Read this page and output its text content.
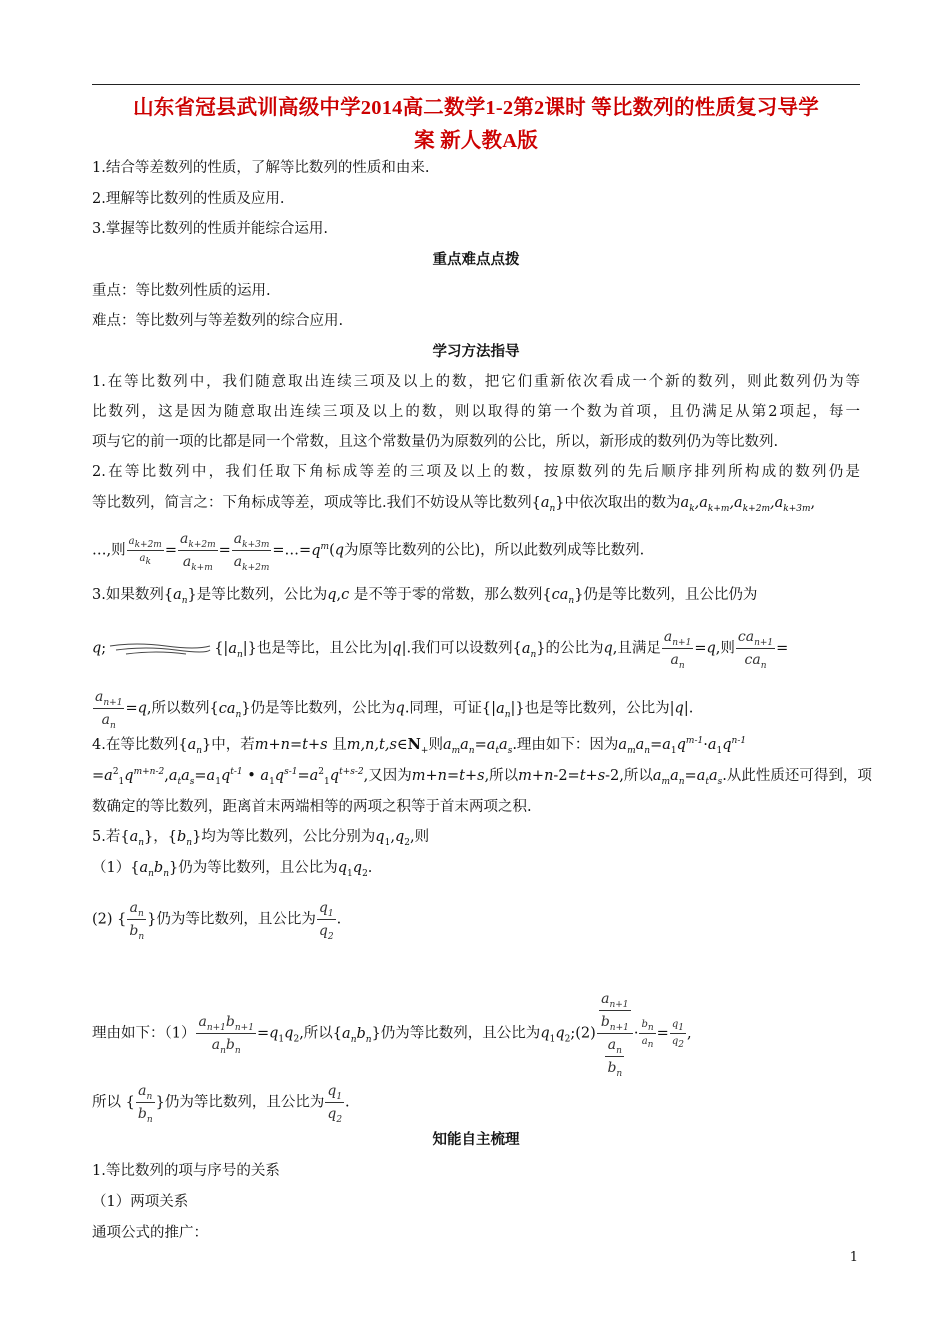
山东省冠县武训高级中学2014高二数学1-2第2课时 等比数列的性质复习导学
案 新人教A版
1.结合等差数列的性质，了解等比数列的性质和由来.
2.理解等比数列的性质及应用.
3.掌握等比数列的性质并能综合运用.
重点难点点拨
重点：等比数列性质的运用.
难点：等比数列与等差数列的综合应用.
学习方法指导
1.在等比数列中，我们随意取出连续三项及以上的数，把它们重新依次看成一个新的数列，则此数列仍为等
比数列，这是因为随意取出连续三项及以上的数，则以取得的第一个数为首项，且仍满足从第2项起，每一
项与它的前一项的比都是同一个常数，且这个常数量仍为原数列的公比，所以，新形成的数列仍为等比数列.
2.在等比数列中，我们任取下角标成等差的三项及以上的数，按原数列的先后顺序排列所构成的数列仍是
等比数列，简言之：下角标成等差，项成等比.我们不妨设从等比数列$\{a_n\}$中依次取出的数为$a_k,a_{k+m},a_{k+2m},a_{k+3m}$,
…,则 $\frac{a_{k+2m}}{a_k} = \frac{a_{k+2m}}{a_{k+m}} = \frac{a_{k+3m}}{a_{k+2m}}$ $=\dots=q^m(q$为原等比数列的公比)，所以此数列成等比数列.
3.如果数列$\{a_n\}$是等比数列，公比为q,c 是不等于零的常数，那么数列$\{ca_n\}$仍是等比数列，且公比仍为
q;	$\{|a_n|\}$也是等比，且公比为|q|.我们可以设数列$\{a_n\}$的公比为q,且满足 $\frac{a_{n+1}}{a_n} =q$,则 $\frac{ca_{n+1}}{ca_n}$ =
$\frac{a_{n+1}}{a_n} =q$,所以数列$\{ca_n\}$仍是等比数列，公比为q.同理，可证$\{|a_n|\}$也是等比数列，公比为|q|.
4.在等比数列$\{a_n\}$中，若m+n=t+s 且$m,n,t,s\in N_+$则$a_ma_n=a_ta_s$.理由如下：因为$a_ma_n=a_1q^{m-1}\cdot a_1q^{n-1}$
$=a^2_1q^{m+n-2},a_ta_s=a_1q^{t-1}$ • $a_1q^{s-1}=a^2_1q^{t+s-2}$,又因为m+n=t+s,所以m+n-2=t+s-2,所以$a_ma_n=a_ta_s$.从此性质还可得到，项
数确定的等比数列，距离首末两端相等的两项之积等于首末两项之积.
5.若$\{a_n\}$，$\{b_n\}$均为等比数列，公比分别为$q_1,q_2$,则
$(1)\{a_nb_n\}$仍为等比数列，且公比为$q_1q_2$.
(2) { $\frac{a_n}{b_n}$ }仍为等比数列，且公比为 $\frac{q_1}{q_2}$ .
理由如下：$(1) \frac{a_{n+1}b_{n+1}}{a_nb_n} =q_1q_2$,所以$\{a_nb_n\}$仍为等比数列，且公比为$q_1q_2;(2) \frac{\frac{a_{n+1}}{b_{n+1}}}{\frac{a_n}{b_n}} \cdot \frac{b_n}{a_n} = \frac{q_1}{q_2}$ ,
所以 { $\frac{a_n}{b_n}$ }仍为等比数列，且公比为 $\frac{q_1}{q_2}$ .
知能自主梳理
1.等比数列的项与序号的关系
（1）两项关系
通项公式的推广：
1
